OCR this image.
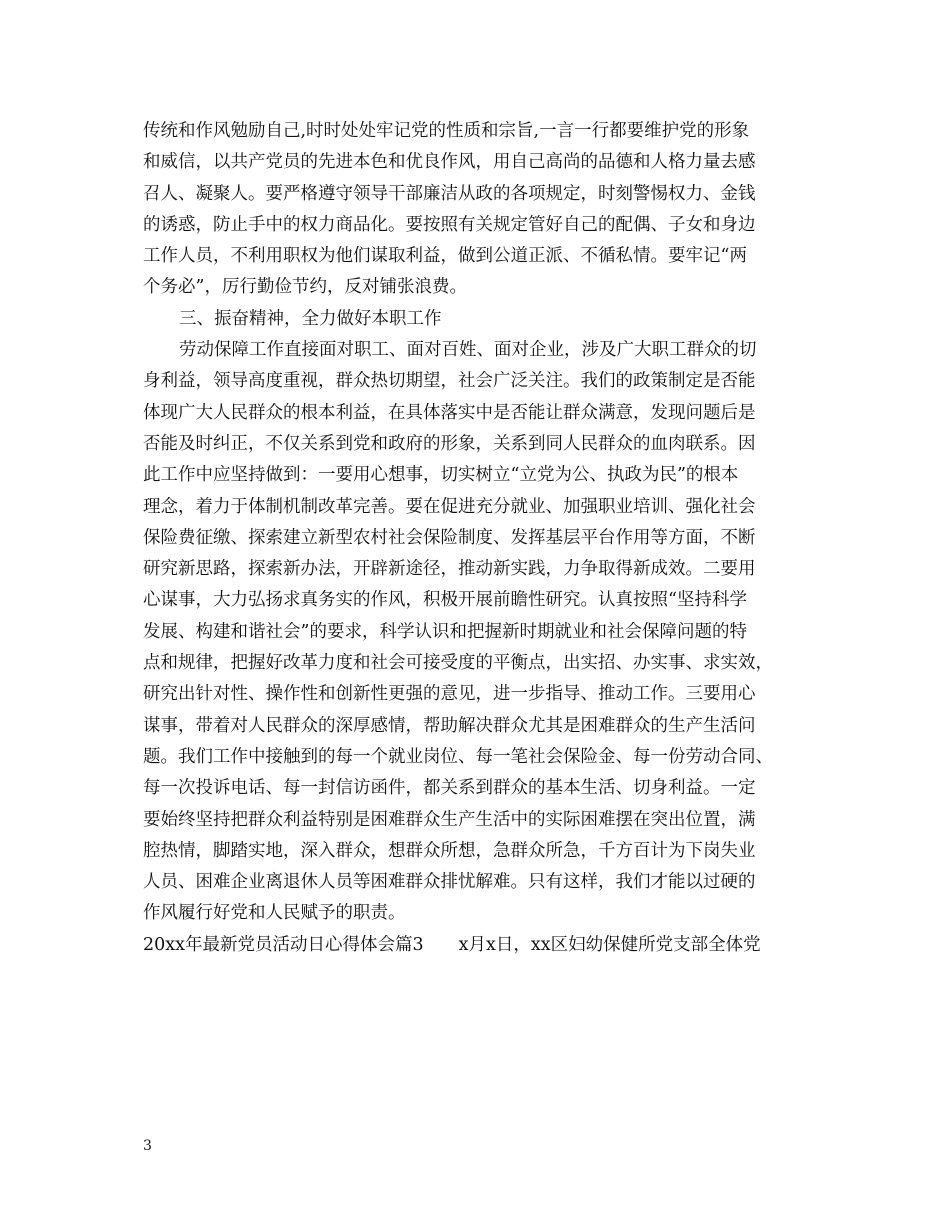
传统和作风勉励自己,时时处处牢记党的性质和宗旨,一言一行都要维护党的形象
和威信，以共产党员的先进本色和优良作风，用自己高尚的品德和人格力量去感
召人、凝聚人。要严格遵守领导干部廉洁从政的各项规定，时刻警惕权力、金钱
的诱惑，防止手中的权力商品化。要按照有关规定管好自己的配偶、子女和身边
工作人员，不利用职权为他们谋取利益，做到公道正派、不循私情。要牢记“两
个务必”，厉行勤俭节约，反对铺张浪费。
三、振奋精神，全力做好本职工作
劳动保障工作直接面对职工、面对百姓、面对企业，涉及广大职工群众的切
身利益，领导高度重视，群众热切期望，社会广泛关注。我们的政策制定是否能
体现广大人民群众的根本利益，在具体落实中是否能让群众满意，发现问题后是
否能及时纠正，不仅关系到党和政府的形象，关系到同人民群众的血肉联系。因
此工作中应坚持做到：一要用心想事，切实树立“立党为公、执政为民”的根本
理念，着力于体制机制改革完善。要在促进充分就业、加强职业培训、强化社会
保险费征缴、探索建立新型农村社会保险制度、发挥基层平台作用等方面，不断
研究新思路，探索新办法，开辟新途径，推动新实践，力争取得新成效。二要用
心谋事，大力弘扬求真务实的作风，积极开展前瞻性研究。认真按照“坚持科学
发展、构建和谐社会”的要求，科学认识和把握新时期就业和社会保障问题的特
点和规律，把握好改革力度和社会可接受度的平衡点，出实招、办实事、求实效，
研究出针对性、操作性和创新性更强的意见，进一步指导、推动工作。三要用心
谋事，带着对人民群众的深厚感情，帮助解决群众尤其是困难群众的生产生活问
题。我们工作中接触到的每一个就业岗位、每一笔社会保险金、每一份劳动合同、
每一次投诉电话、每一封信访函件，都关系到群众的基本生活、切身利益。一定
要始终坚持把群众利益特别是困难群众生产生活中的实际困难摆在突出位置，满
腔热情，脚踏实地，深入群众，想群众所想，急群众所急，千方百计为下岗失业
人员、困难企业离退休人员等困难群众排忧解难。只有这样，我们才能以过硬的
作风履行好党和人民赋予的职责。
20xx年最新党员活动日心得体会篇3　　x月x日，xx区妇幼保健所党支部全体党
3
